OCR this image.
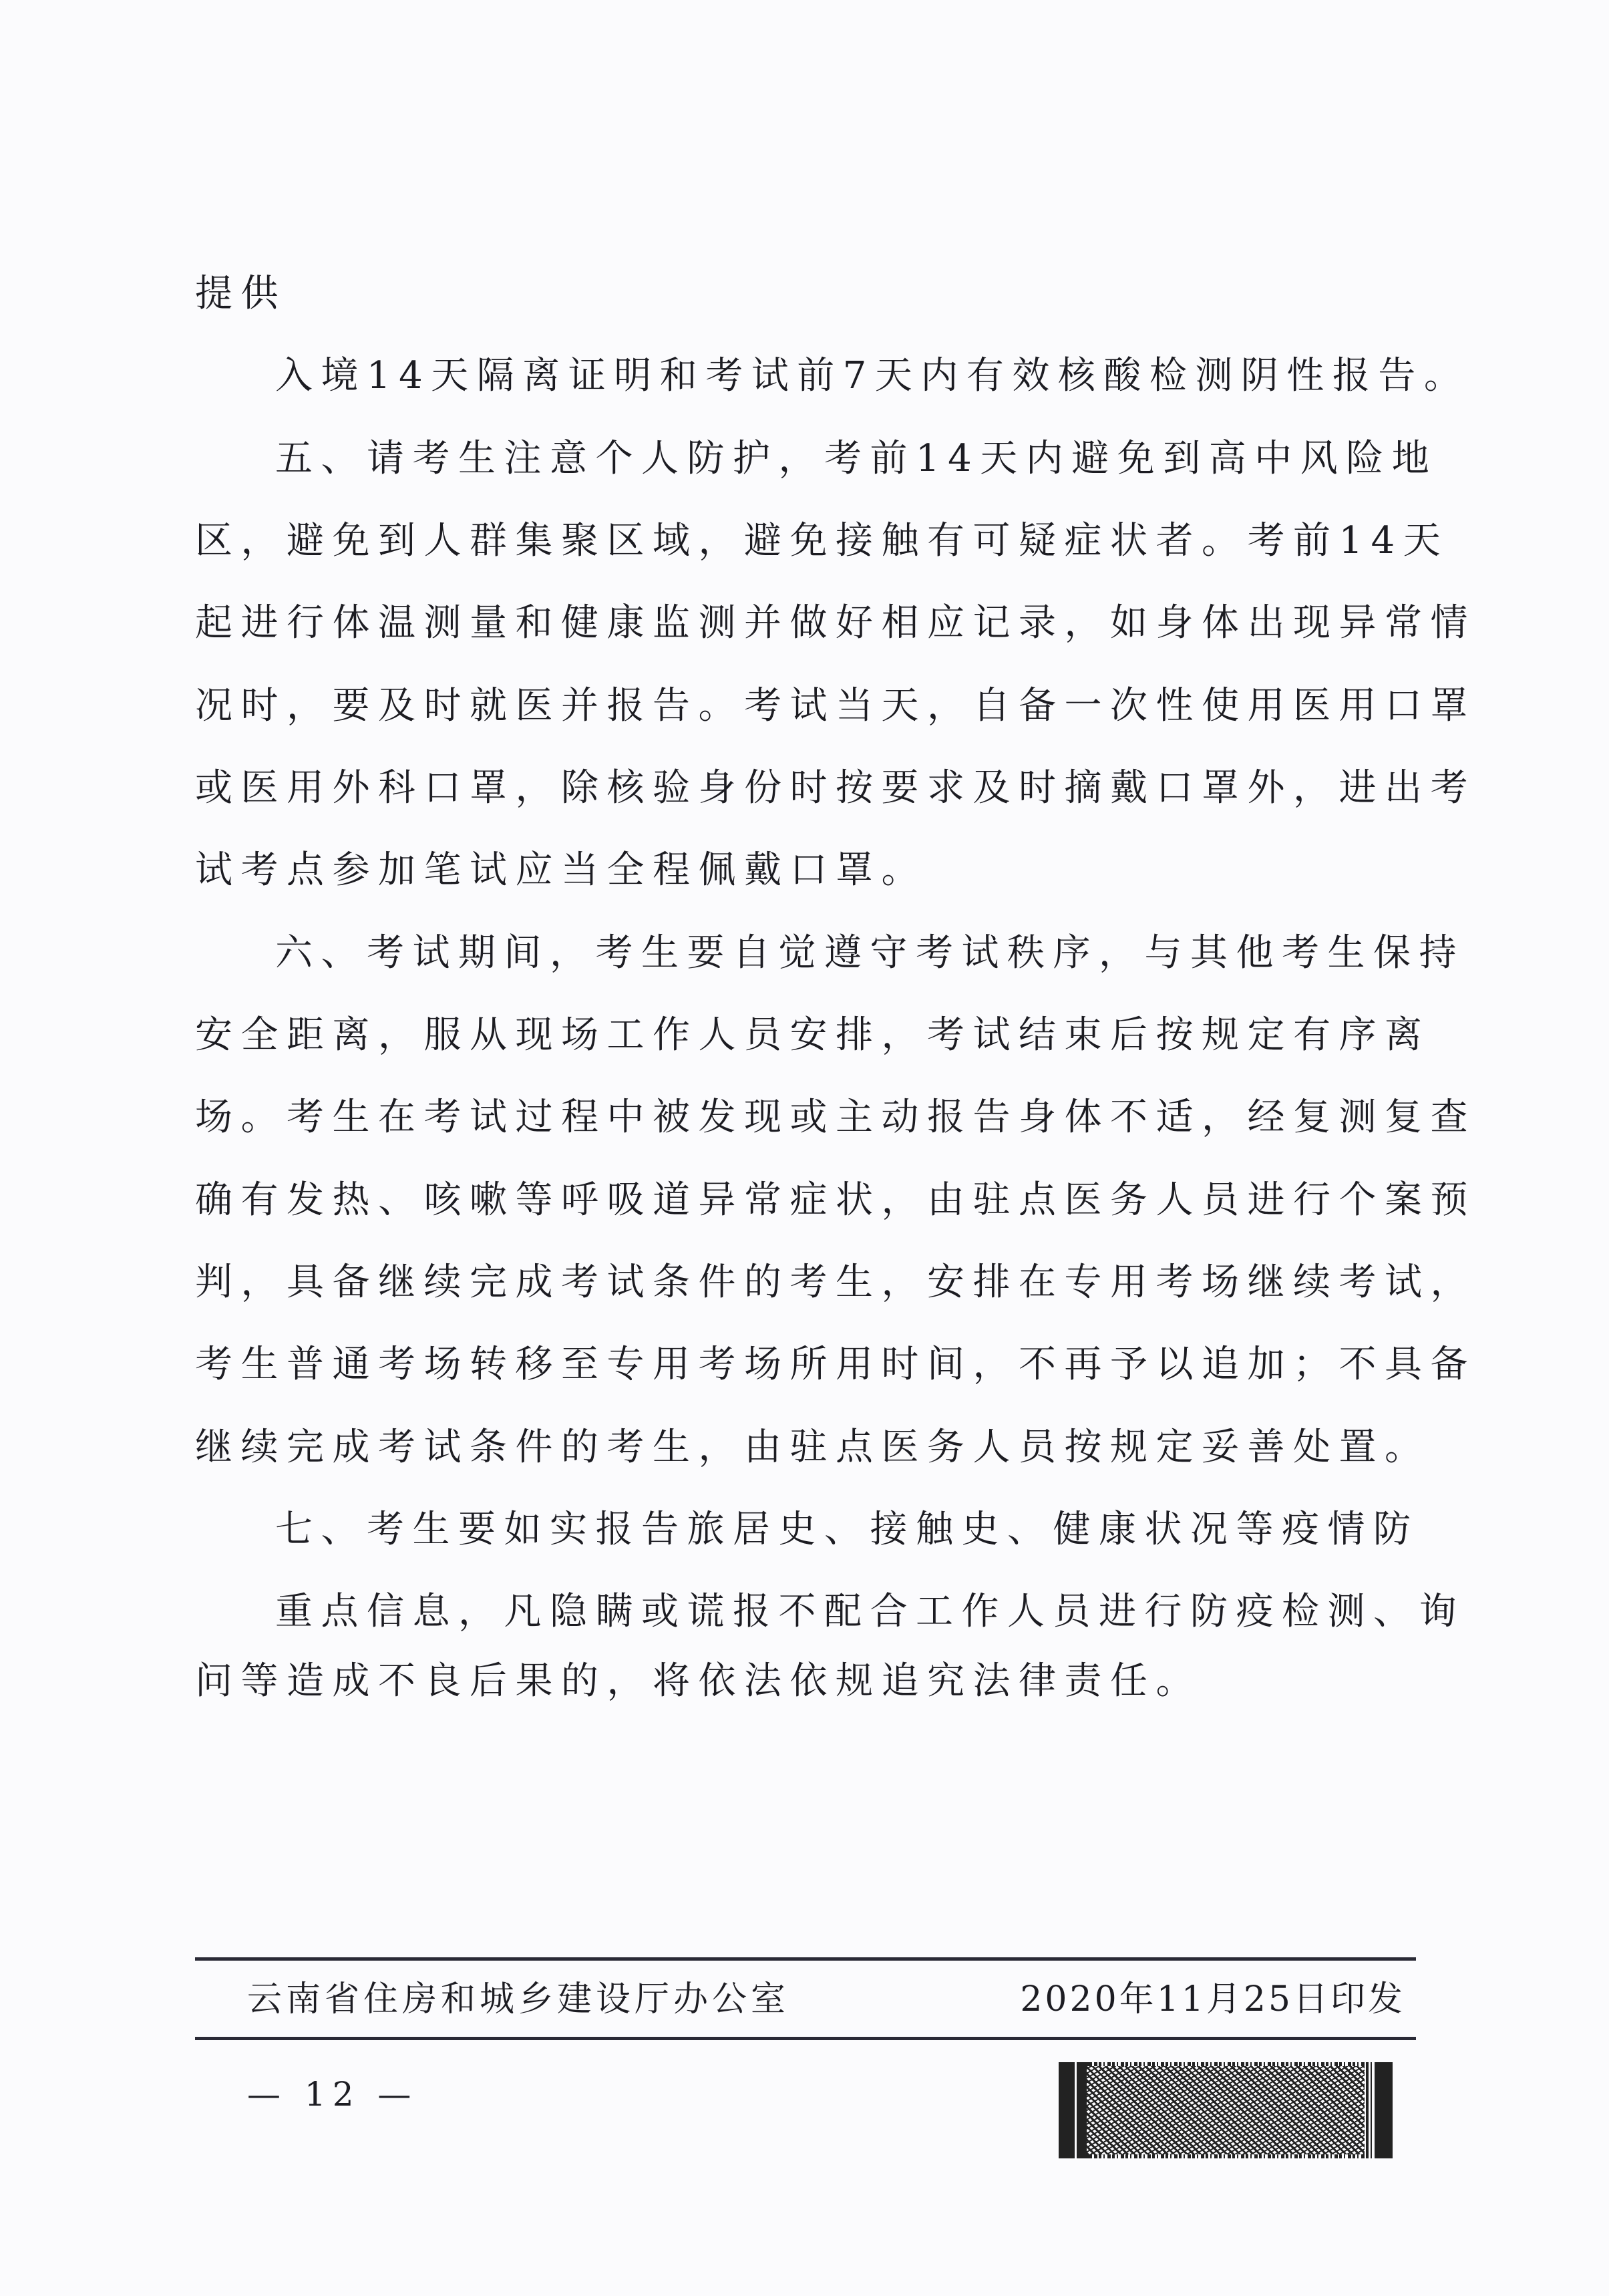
提供
入境14天隔离证明和考试前7天内有效核酸检测阴性报告。
五、请考生注意个人防护，考前14天内避免到高中风险地
区，避免到人群集聚区域，避免接触有可疑症状者。考前14天
起进行体温测量和健康监测并做好相应记录，如身体出现异常情
况时，要及时就医并报告。考试当天，自备一次性使用医用口罩
或医用外科口罩，除核验身份时按要求及时摘戴口罩外，进出考
试考点参加笔试应当全程佩戴口罩。
六、考试期间，考生要自觉遵守考试秩序，与其他考生保持
安全距离，服从现场工作人员安排，考试结束后按规定有序离
场。考生在考试过程中被发现或主动报告身体不适，经复测复查
确有发热、咳嗽等呼吸道异常症状，由驻点医务人员进行个案预
判，具备继续完成考试条件的考生，安排在专用考场继续考试，
考生普通考场转移至专用考场所用时间，不再予以追加；不具备
继续完成考试条件的考生，由驻点医务人员按规定妥善处置。
七、考生要如实报告旅居史、接触史、健康状况等疫情防
重点信息，凡隐瞒或谎报不配合工作人员进行防疫检测、询
问等造成不良后果的，将依法依规追究法律责任。
云南省住房和城乡建设厅办公室	2020年11月25日印发
— 12 —
